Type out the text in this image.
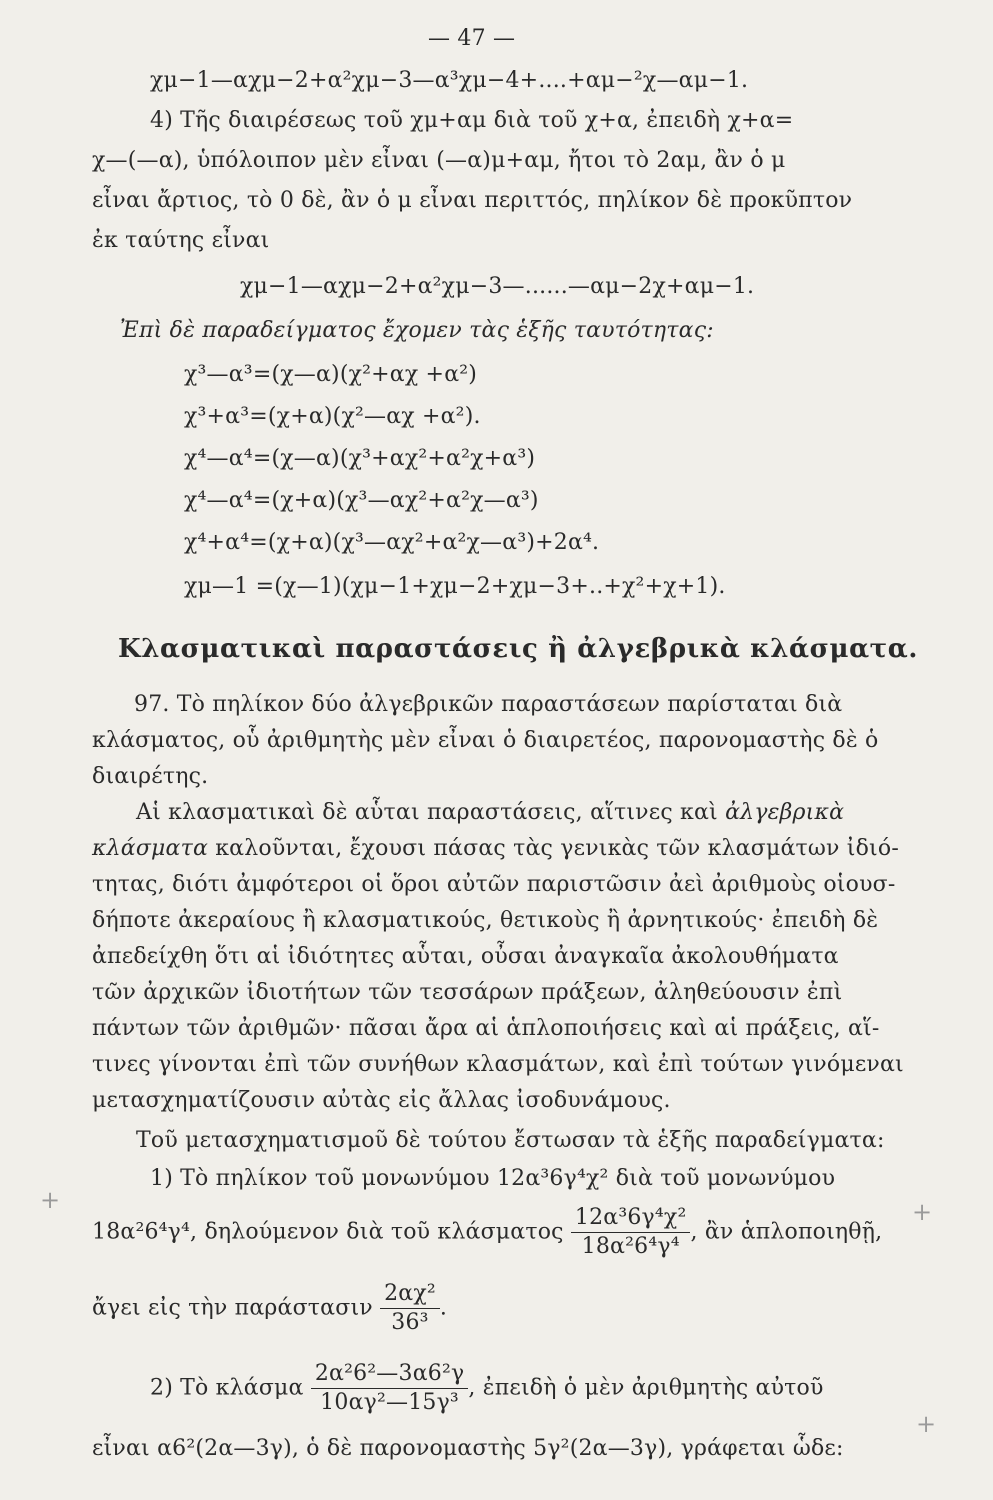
— 47 —
χμ−1—αχμ−2+α²χμ−3—α³χμ−4+....+αμ−²χ—αμ−1.
4) Τῆς διαιρέσεως τοῦ χμ+αμ διὰ τοῦ χ+α, ἐπειδὴ χ+α=
χ—(—α), ὑπόλοιπον μὲν εἶναι (—α)μ+αμ, ἤτοι τὸ 2αμ, ἂν ὁ μ
εἶναι ἄρτιος, τὸ 0 δὲ, ἂν ὁ μ εἶναι περιττός, πηλίκον δὲ προκῦπτον
ἐκ ταύτης εἶναι
χμ−1—αχμ−2+α²χμ−3—......—αμ−2χ+αμ−1.
Ἐπὶ δὲ παραδείγματος ἔχομεν τὰς ἑξῆς ταυτότητας:
χ³—α³=(χ—α)(χ²+αχ +α²)
χ³+α³=(χ+α)(χ²—αχ +α²).
χ⁴—α⁴=(χ—α)(χ³+αχ²+α²χ+α³)
χ⁴—α⁴=(χ+α)(χ³—αχ²+α²χ—α³)
χ⁴+α⁴=(χ+α)(χ³—αχ²+α²χ—α³)+2α⁴.
χμ—1 =(χ—1)(χμ−1+χμ−2+χμ−3+..+χ²+χ+1).
Κλασματικαὶ παραστάσεις ἢ ἀλγεβρικὰ κλάσματα.
97. Τὸ πηλίκον δύο ἀλγεβρικῶν παραστάσεων παρίσταται διὰ
κλάσματος, οὗ ἀριθμητὴς μὲν εἶναι ὁ διαιρετέος, παρονομαστὴς δὲ ὁ
διαιρέτης.
Αἱ κλασματικαὶ δὲ αὗται παραστάσεις, αἵτινες καὶ ἀλγεβρικὰ
κλάσματα καλοῦνται, ἔχουσι πάσας τὰς γενικὰς τῶν κλασμάτων ἰδιό-
τητας, διότι ἀμφότεροι οἱ ὅροι αὐτῶν παριστῶσιν ἀεὶ ἀριθμοὺς οἱουσ-
δήποτε ἀκεραίους ἢ κλασματικούς, θετικοὺς ἢ ἀρνητικούς· ἐπειδὴ δὲ
ἀπεδείχθη ὅτι αἱ ἰδιότητες αὗται, οὖσαι ἀναγκαῖα ἀκολουθήματα
τῶν ἀρχικῶν ἰδιοτήτων τῶν τεσσάρων πράξεων, ἀληθεύουσιν ἐπὶ
πάντων τῶν ἀριθμῶν· πᾶσαι ἄρα αἱ ἁπλοποιήσεις καὶ αἱ πράξεις, αἵ-
τινες γίνονται ἐπὶ τῶν συνήθων κλασμάτων, καὶ ἐπὶ τούτων γινόμεναι
μετασχηματίζουσιν αὐτὰς εἰς ἄλλας ἰσοδυνάμους.
Τοῦ μετασχηματισμοῦ δὲ τούτου ἔστωσαν τὰ ἑξῆς παραδείγματα:
1) Τὸ πηλίκον τοῦ μονωνύμου 12α³6γ⁴χ² διὰ τοῦ μονωνύμου
18α²6⁴γ⁴, δηλούμενον διὰ τοῦ κλάσματος $\frac{\text{12α³6γ⁴χ²}}{\text{18α²6⁴γ⁴}}$ , ἂν ἁπλοποιηθῇ,
ἄγει εἰς τὴν παράστασιν $\frac{\text{2αχ²}}{\text{36³}}$ .
2) Τὸ κλάσμα $\frac{\text{2α²6²—3α6²γ}}{\text{10αγ²—15γ³}}$ , ἐπειδὴ ὁ μὲν ἀριθμητὴς αὐτοῦ
εἶναι α6²(2α—3γ), ὁ δὲ παρονομαστὴς 5γ²(2α—3γ), γράφεται ὧδε:
+	+
+
